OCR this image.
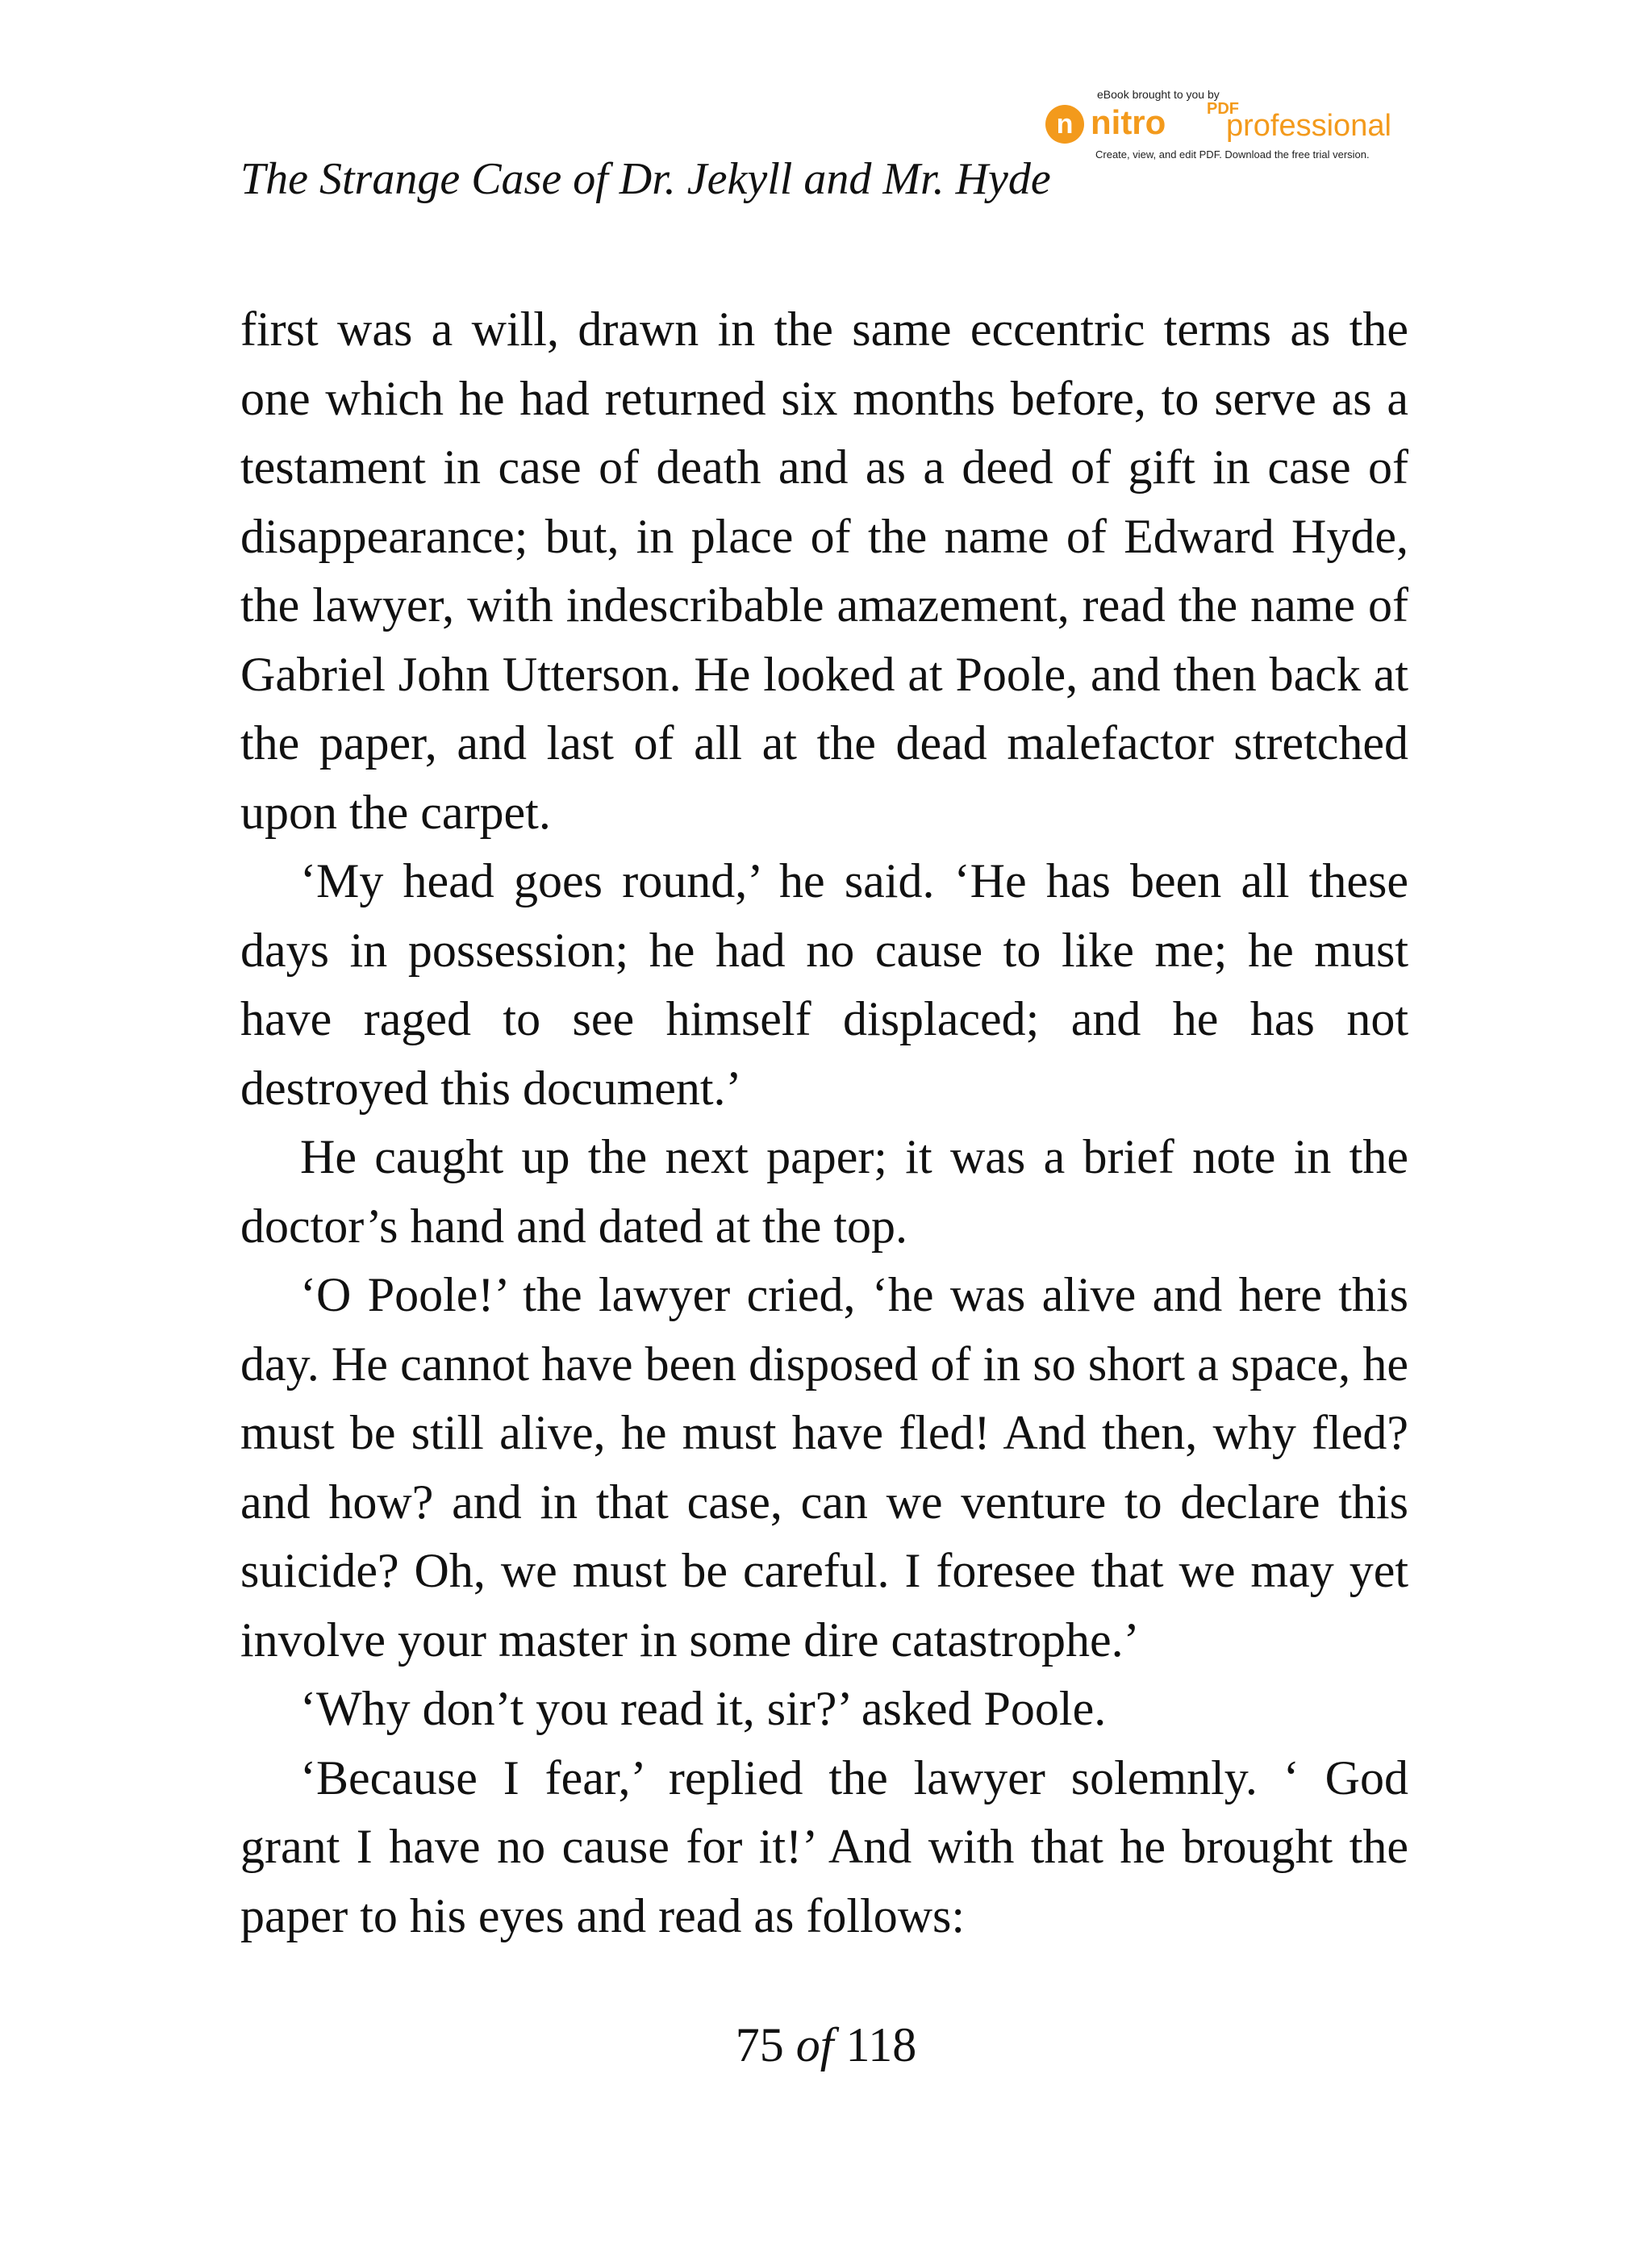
The Strange Case of Dr. Jekyll and Mr. Hyde
eBook brought to you by
n nitro	PDF
professional
Create, view, and edit PDF. Download the free trial version.

first was a will, drawn in the same eccentric terms as the one which he had returned six months before, to serve as a testament in case of death and as a deed of gift in case of disappearance; but, in place of the name of Edward Hyde, the lawyer, with indescribable amazement, read the name of Gabriel John Utterson. He looked at Poole, and then back at the paper, and last of all at the dead malefactor stretched upon the carpet.

‘My head goes round,’ he said. ‘He has been all these days in possession; he had no cause to like me; he must have raged to see himself displaced; and he has not destroyed this document.’

He caught up the next paper; it was a brief note in the doctor’s hand and dated at the top.

‘O Poole!’ the lawyer cried, ‘he was alive and here this day. He cannot have been disposed of in so short a space, he must be still alive, he must have fled! And then, why fled? and how? and in that case, can we venture to declare this suicide? Oh, we must be careful. I foresee that we may yet involve your master in some dire catastrophe.’

‘Why don’t you read it, sir?’ asked Poole.

‘Because I fear,’ replied the lawyer solemnly. ‘ God grant I have no cause for it!’ And with that he brought the paper to his eyes and read as follows:

75 of 118
